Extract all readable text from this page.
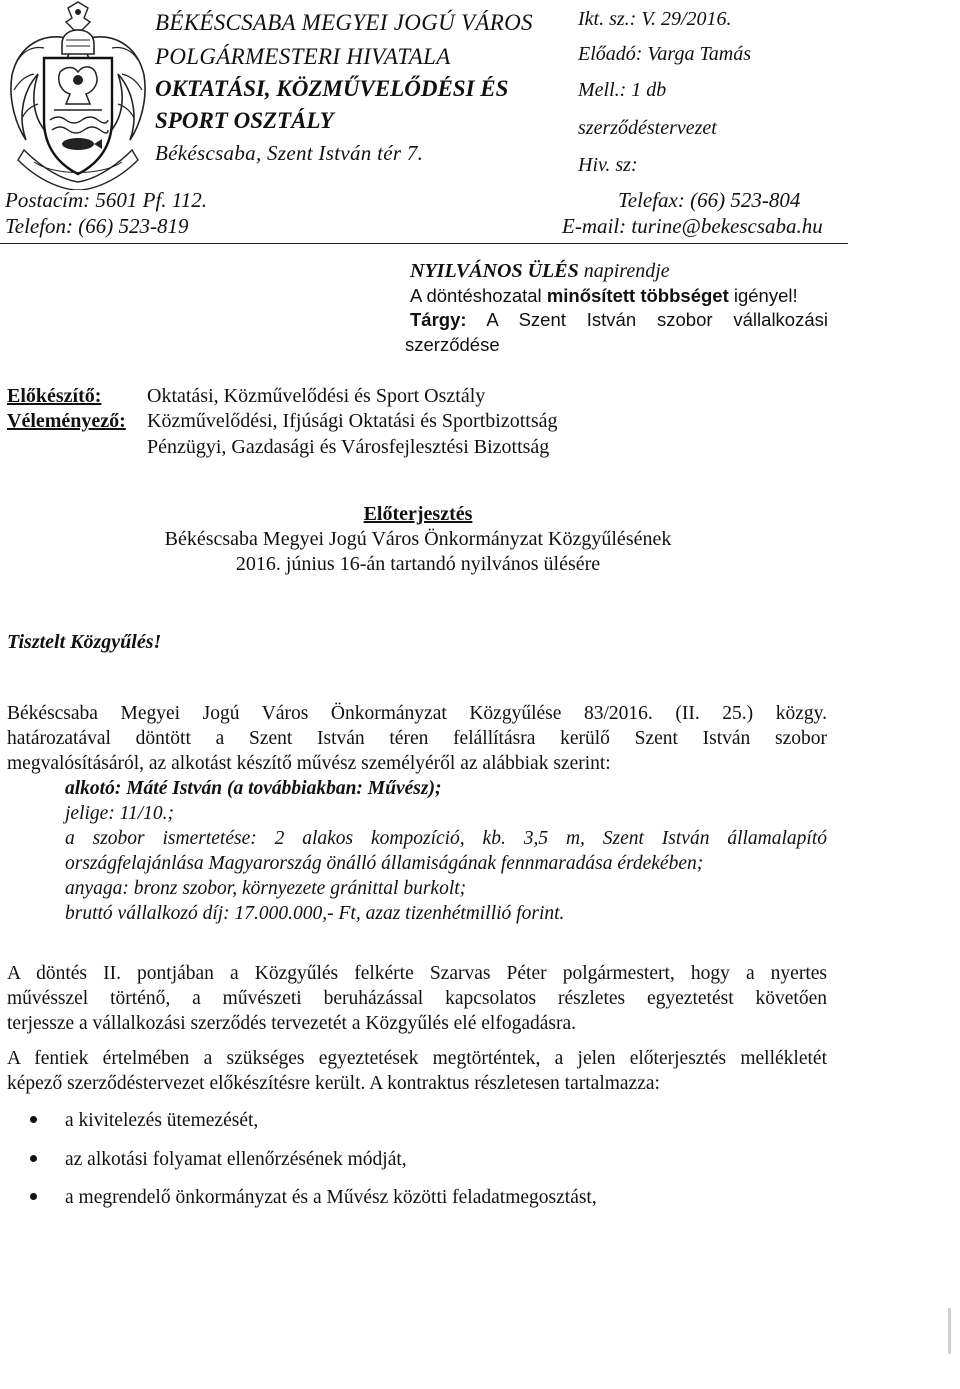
BÉKÉSCSABA MEGYEI JOGÚ VÁROS
POLGÁRMESTERI HIVATALA
OKTATÁSI, KÖZMŰVELŐDÉSI ÉS
SPORT OSZTÁLY
Békéscsaba, Szent István tér 7.
Postacím: 5601 Pf. 112.
Telefon: (66) 523-819
Ikt. sz.: V. 29/2016.
Előadó: Varga Tamás
Mell.: 1 db
szerződéstervezet
Hiv. sz:
Telefax: (66) 523-804
E-mail: turine@bekescsaba.hu
NYILVÁNOS ÜLÉS napirendje
A döntéshozatal minősített többséget igényel!
Tárgy: A Szent István szobor vállalkozási
szerződése
Előkészítő: Oktatási, Közművelődési és Sport Osztály
Véleményező: Közművelődési, Ifjúsági Oktatási és Sportbizottság
Pénzügyi, Gazdasági és Városfejlesztési Bizottság
Előterjesztés
Békéscsaba Megyei Jogú Város Önkormányzat Közgyűlésének
2016. június 16-án tartandó nyilvános ülésére
Tisztelt Közgyűlés!
Békéscsaba Megyei Jogú Város Önkormányzat Közgyűlése 83/2016. (II. 25.) közgy.
határozatával döntött a Szent István téren felállításra kerülő Szent István szobor
megvalósításáról, az alkotást készítő művész személyéről az alábbiak szerint:
alkotó: Máté István (a továbbiakban: Művész);
jelige: 11/10.;
a szobor ismertetése: 2 alakos kompozíció, kb. 3,5 m, Szent István államalapító
országfelajánlása Magyarország önálló államiságának fennmaradása érdekében;
anyaga: bronz szobor, környezete gránittal burkolt;
bruttó vállalkozó díj: 17.000.000,- Ft, azaz tizenhétmillió forint.
A döntés II. pontjában a Közgyűlés felkérte Szarvas Péter polgármestert, hogy a nyertes
művésszel történő, a művészeti beruházással kapcsolatos részletes egyeztetést követően
terjessze a vállalkozási szerződés tervezetét a Közgyűlés elé elfogadásra.
A fentiek értelmében a szükséges egyeztetések megtörténtek, a jelen előterjesztés mellékletét
képező szerződéstervezet előkészítésre került. A kontraktus részletesen tartalmazza:
a kivitelezés ütemezését,
az alkotási folyamat ellenőrzésének módját,
a megrendelő önkormányzat és a Művész közötti feladatmegosztást,
